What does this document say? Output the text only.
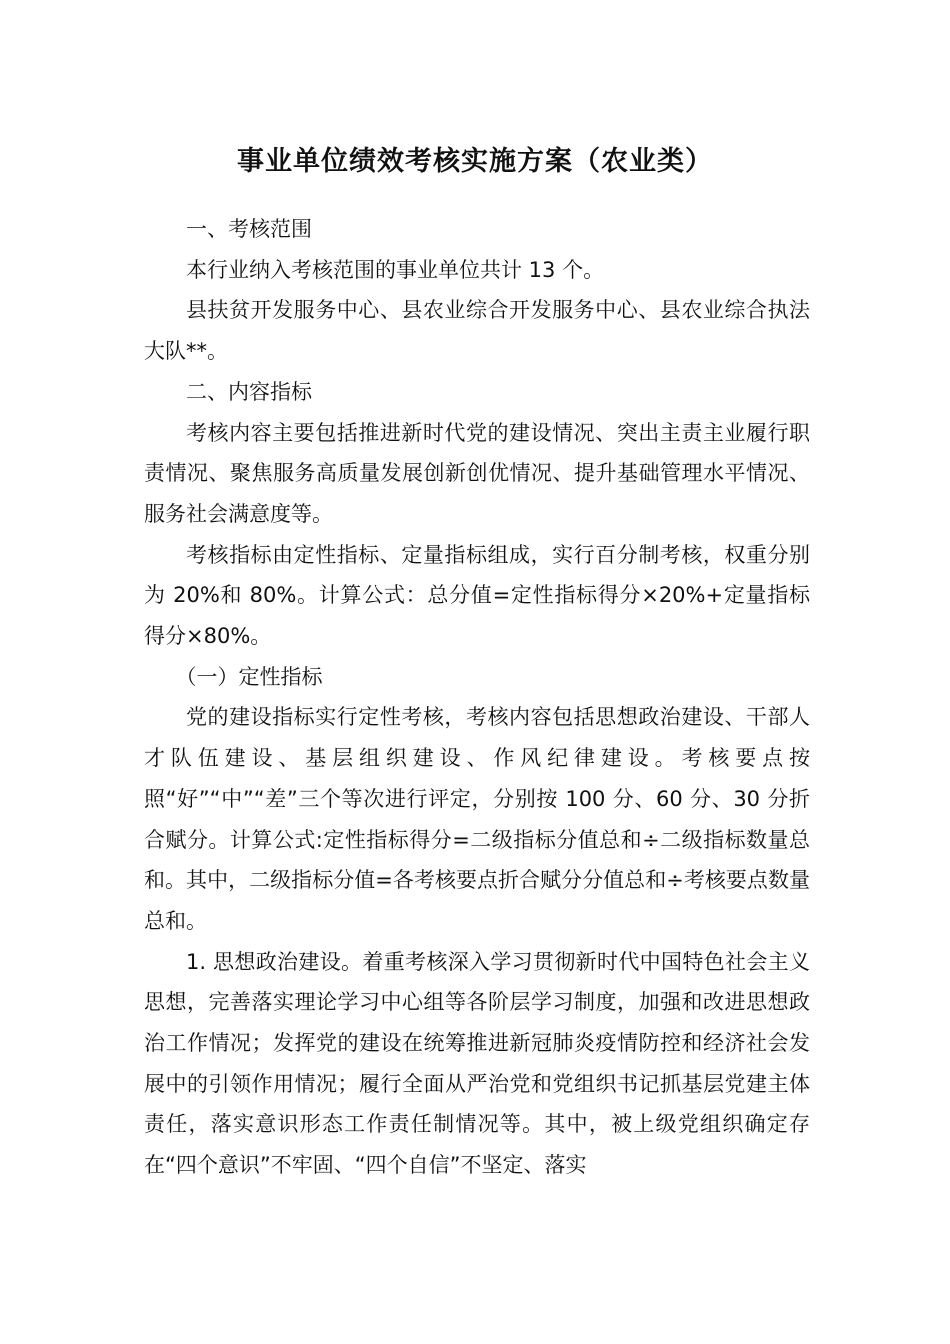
事业单位绩效考核实施方案（农业类）

一、考核范围

本行业纳入考核范围的事业单位共计 13 个。

县扶贫开发服务中心、县农业综合开发服务中心、县农业综合执法大队**。

二、内容指标

考核内容主要包括推进新时代党的建设情况、突出主责主业履行职责情况、聚焦服务高质量发展创新创优情况、提升基础管理水平情况、服务社会满意度等。

考核指标由定性指标、定量指标组成，实行百分制考核，权重分别为 20%和 80%。计算公式：总分值=定性指标得分×20%+定量指标得分×80%。

（一）定性指标

党的建设指标实行定性考核，考核内容包括思想政治建设、干部人才队伍建设、基层组织建设、作风纪律建设。考核要点按照“好”“中”“差”三个等次进行评定，分别按 100 分、60 分、30 分折合赋分。计算公式:定性指标得分=二级指标分值总和÷二级指标数量总和。其中，二级指标分值=各考核要点折合赋分分值总和÷考核要点数量总和。

1. 思想政治建设。着重考核深入学习贯彻新时代中国特色社会主义思想，完善落实理论学习中心组等各阶层学习制度，加强和改进思想政治工作情况；发挥党的建设在统筹推进新冠肺炎疫情防控和经济社会发展中的引领作用情况；履行全面从严治党和党组织书记抓基层党建主体责任，落实意识形态工作责任制情况等。其中，被上级党组织确定存在“四个意识”不牢固、“四个自信”不坚定、落实
